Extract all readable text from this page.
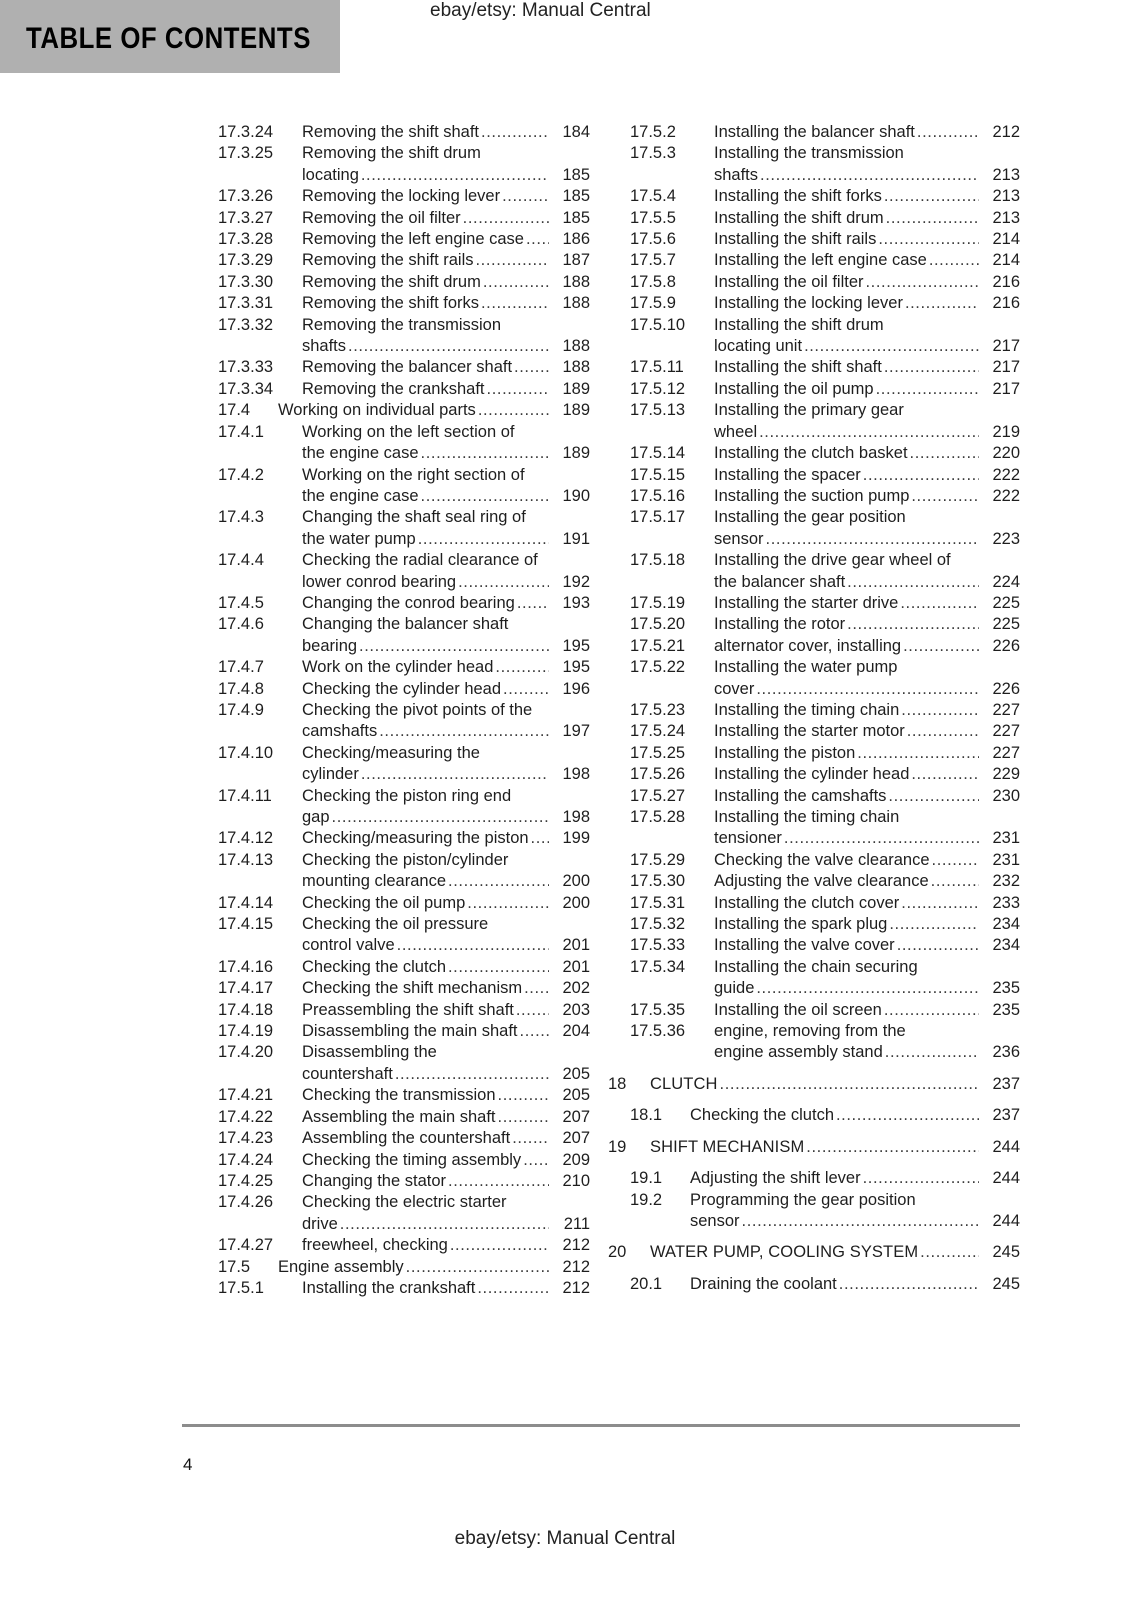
TABLE OF CONTENTS
ebay/etsy: Manual Central
17.3.24	Removing the shift shaft .....	184
17.3.25	Removing the shift drum
locating .....	185
17.3.26	Removing the locking lever .....	185
17.3.27	Removing the oil filter .....	185
17.3.28	Removing the left engine case .....	186
17.3.29	Removing the shift rails .....	187
17.3.30	Removing the shift drum .....	188
17.3.31	Removing the shift forks .....	188
17.3.32	Removing the transmission
shafts .....	188
17.3.33	Removing the balancer shaft .....	188
17.3.34	Removing the crankshaft .....	189
17.4	Working on individual parts .....	189
17.4.1	Working on the left section of
the engine case .....	189
17.4.2	Working on the right section of
the engine case .....	190
17.4.3	Changing the shaft seal ring of
the water pump .....	191
17.4.4	Checking the radial clearance of
lower conrod bearing .....	192
17.4.5	Changing the conrod bearing .....	193
17.4.6	Changing the balancer shaft
bearing .....	195
17.4.7	Work on the cylinder head .....	195
17.4.8	Checking the cylinder head .....	196
17.4.9	Checking the pivot points of the
camshafts .....	197
17.4.10	Checking/measuring the
cylinder .....	198
17.4.11	Checking the piston ring end
gap .....	198
17.4.12	Checking/measuring the piston .....	199
17.4.13	Checking the piston/cylinder
mounting clearance .....	200
17.4.14	Checking the oil pump .....	200
17.4.15	Checking the oil pressure
control valve .....	201
17.4.16	Checking the clutch .....	201
17.4.17	Checking the shift mechanism .....	202
17.4.18	Preassembling the shift shaft .....	203
17.4.19	Disassembling the main shaft .....	204
17.4.20	Disassembling the
countershaft .....	205
17.4.21	Checking the transmission .....	205
17.4.22	Assembling the main shaft .....	207
17.4.23	Assembling the countershaft .....	207
17.4.24	Checking the timing assembly .....	209
17.4.25	Changing the stator .....	210
17.4.26	Checking the electric starter
drive .....	211
17.4.27	freewheel, checking .....	212
17.5	Engine assembly .....	212
17.5.1	Installing the crankshaft .....	212
17.5.2	Installing the balancer shaft .....	212
17.5.3	Installing the transmission
shafts .....	213
17.5.4	Installing the shift forks .....	213
17.5.5	Installing the shift drum .....	213
17.5.6	Installing the shift rails .....	214
17.5.7	Installing the left engine case .....	214
17.5.8	Installing the oil filter .....	216
17.5.9	Installing the locking lever .....	216
17.5.10	Installing the shift drum
locating unit .....	217
17.5.11	Installing the shift shaft .....	217
17.5.12	Installing the oil pump .....	217
17.5.13	Installing the primary gear
wheel .....	219
17.5.14	Installing the clutch basket .....	220
17.5.15	Installing the spacer .....	222
17.5.16	Installing the suction pump .....	222
17.5.17	Installing the gear position
sensor .....	223
17.5.18	Installing the drive gear wheel of
the balancer shaft .....	224
17.5.19	Installing the starter drive .....	225
17.5.20	Installing the rotor .....	225
17.5.21	alternator cover, installing .....	226
17.5.22	Installing the water pump
cover .....	226
17.5.23	Installing the timing chain .....	227
17.5.24	Installing the starter motor .....	227
17.5.25	Installing the piston .....	227
17.5.26	Installing the cylinder head .....	229
17.5.27	Installing the camshafts .....	230
17.5.28	Installing the timing chain
tensioner .....	231
17.5.29	Checking the valve clearance .....	231
17.5.30	Adjusting the valve clearance .....	232
17.5.31	Installing the clutch cover .....	233
17.5.32	Installing the spark plug .....	234
17.5.33	Installing the valve cover .....	234
17.5.34	Installing the chain securing
guide .....	235
17.5.35	Installing the oil screen .....	235
17.5.36	engine, removing from the
engine assembly stand .....	236
18	CLUTCH .....	237
18.1	Checking the clutch .....	237
19	SHIFT MECHANISM .....	244
19.1	Adjusting the shift lever .....	244
19.2	Programming the gear position
sensor .....	244
20	WATER PUMP, COOLING SYSTEM .....	245
20.1	Draining the coolant .....	245
4
ebay/etsy: Manual Central
